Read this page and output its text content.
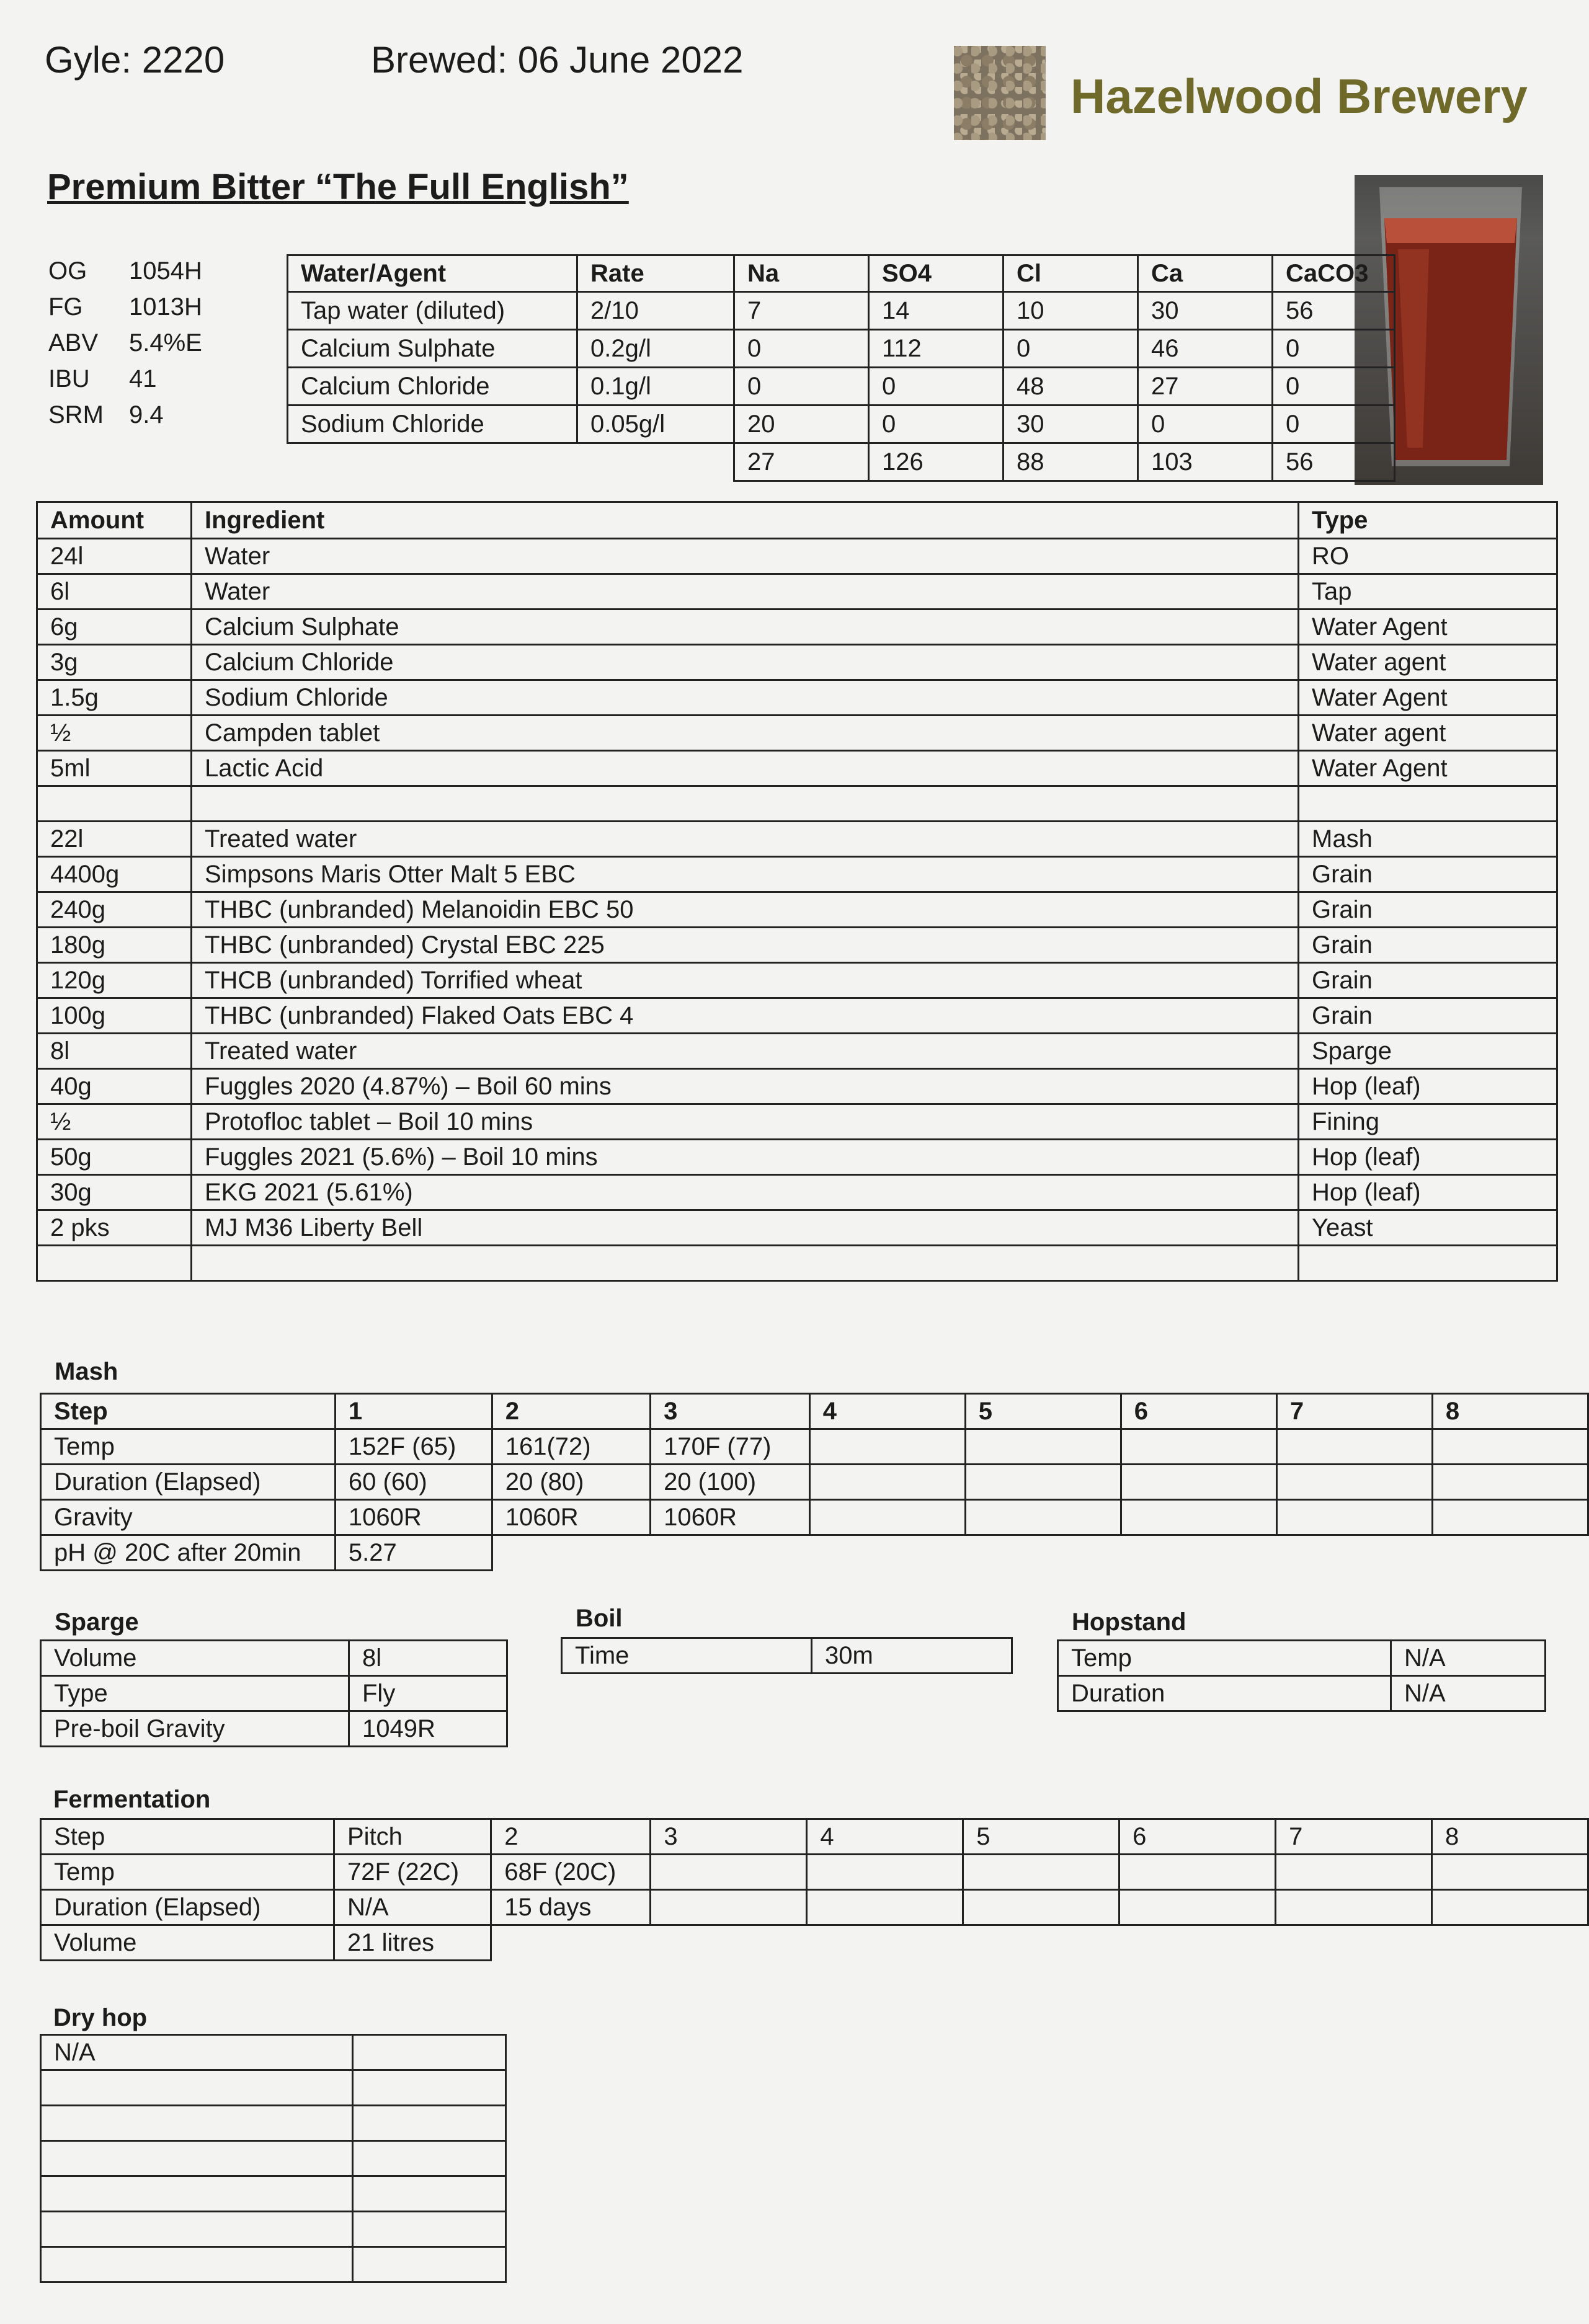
Gyle: 2220	Brewed: 06 June 2022
Hazelwood Brewery
Premium Bitter “The Full English”
OG 1054H
FG 1013H
ABV 5.4%E
IBU 41
SRM 9.4
Water/Agent	Rate	Na	SO4	Cl	Ca	CaCO3
Tap water (diluted)	2/10	7	14	10	30	56
Calcium Sulphate	0.2g/l	0	112	0	46	0
Calcium Chloride	0.1g/l	0	0	48	27	0
Sodium Chloride	0.05g/l	20	0	30	0	0
		27	126	88	103	56
Amount	Ingredient	Type
24l	Water	RO
6l	Water	Tap
6g	Calcium Sulphate	Water Agent
3g	Calcium Chloride	Water agent
1.5g	Sodium Chloride	Water Agent
½	Campden tablet	Water agent
5ml	Lactic Acid	Water Agent

22l	Treated water	Mash
4400g	Simpsons Maris Otter Malt 5 EBC	Grain
240g	THBC (unbranded) Melanoidin EBC 50	Grain
180g	THBC (unbranded) Crystal EBC 225	Grain
120g	THCB (unbranded) Torrified wheat	Grain
100g	THBC (unbranded) Flaked Oats EBC 4	Grain
8l	Treated water	Sparge
40g	Fuggles 2020 (4.87%) – Boil 60 mins	Hop (leaf)
½	Protofloc tablet – Boil 10 mins	Fining
50g	Fuggles 2021 (5.6%) – Boil 10 mins	Hop (leaf)
30g	EKG 2021 (5.61%)	Hop (leaf)
2 pks	MJ M36 Liberty Bell	Yeast

Mash
Step	1	2	3	4	5	6	7	8
Temp	152F (65)	161(72)	170F (77)					
Duration (Elapsed)	60 (60)	20 (80)	20 (100)					
Gravity	1060R	1060R	1060R					
pH @ 20C after 20min	5.27							
Sparge
Volume	8l
Type	Fly
Pre-boil Gravity	1049R
Boil
Time	30m
Hopstand
Temp	N/A
Duration	N/A
Fermentation
Step	Pitch	2	3	4	5	6	7	8
Temp	72F (22C)	68F (20C)						
Duration (Elapsed)	N/A	15 days						
Volume	21 litres							
Dry hop
N/A	
